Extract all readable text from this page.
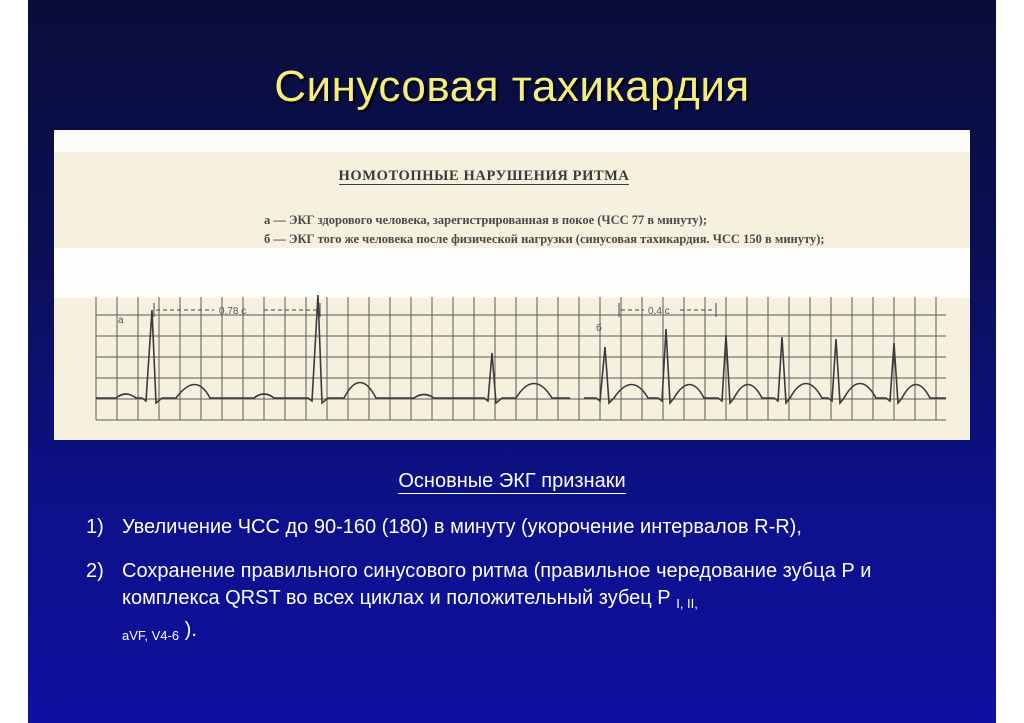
Синусовая тахикардия
НОМОТОПНЫЕ НАРУШЕНИЯ РИТМА
а — ЭКГ здорового человека, зарегистрированная в покое (ЧСС 77 в минуту);
б — ЭКГ того же человека после физической нагрузки (синусовая тахикардия. ЧСС 150 в минуту);
0,78 с	0,4 с
а
б
Основные ЭКГ признаки
1) Увеличение ЧСС до 90-160 (180) в минуту (укорочение интервалов R-R),
2) Сохранение правильного синусового ритма (правильное чередование зубца Р и комплекса QRST во всех циклах и положительный зубец Р $_{I, II,}$
$_{aVF, V4-6}$ ).
